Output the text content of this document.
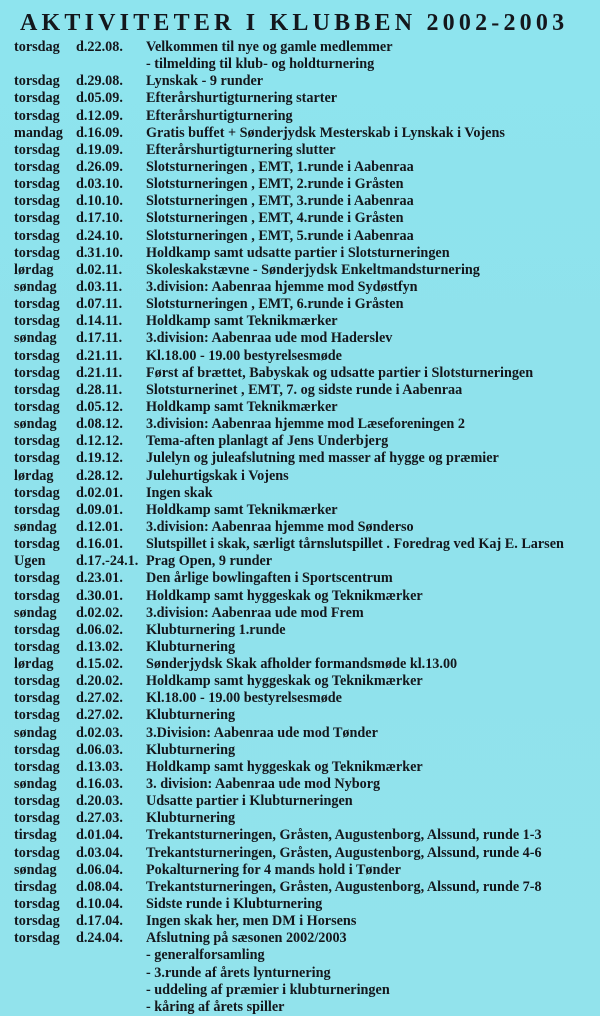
AKTIVITETER I KLUBBEN 2002-2003
torsdag d.22.08. Velkommen til nye og gamle medlemmer
- tilmelding til klub- og holdturnering
torsdag d.29.08. Lynskak - 9 runder
torsdag d.05.09. Efterårshurtigturnering starter
torsdag d.12.09. Efterårshurtigturnering
mandag d.16.09. Gratis buffet + Sønderjydsk Mesterskab i Lynskak i Vojens
torsdag d.19.09. Efterårshurtigturnering slutter
torsdag d.26.09. Slotsturneringen , EMT, 1.runde i Aabenraa
torsdag d.03.10. Slotsturneringen , EMT, 2.runde i Gråsten
torsdag d.10.10. Slotsturneringen , EMT, 3.runde i Aabenraa
torsdag d.17.10. Slotsturneringen , EMT, 4.runde i Gråsten
torsdag d.24.10. Slotsturneringen , EMT, 5.runde i Aabenraa
torsdag d.31.10. Holdkamp samt udsatte partier i Slotsturneringen
lørdag d.02.11. Skoleskakstævne - Sønderjydsk Enkeltmandsturnering
søndag d.03.11. 3.division: Aabenraa hjemme mod Sydøstfyn
torsdag d.07.11. Slotsturneringen , EMT, 6.runde i Gråsten
torsdag d.14.11. Holdkamp samt Teknikmærker
søndag d.17.11. 3.division: Aabenraa ude mod Haderslev
torsdag d.21.11. Kl.18.00 - 19.00 bestyrelsesmøde
torsdag d.21.11. Først af brættet, Babyskak og udsatte partier i Slotsturneringen
torsdag d.28.11. Slotsturnerinet , EMT, 7. og sidste runde i Aabenraa
torsdag d.05.12. Holdkamp samt Teknikmærker
søndag d.08.12. 3.division: Aabenraa hjemme mod Læseforeningen 2
torsdag d.12.12. Tema-aften planlagt af Jens Underbjerg
torsdag d.19.12. Julelyn og juleafslutning med masser af hygge og præmier
lørdag d.28.12. Julehurtigskak i Vojens
torsdag d.02.01. Ingen skak
torsdag d.09.01. Holdkamp samt Teknikmærker
søndag d.12.01. 3.division: Aabenraa hjemme mod Sønderso
torsdag d.16.01. Slutspillet i skak, særligt tårnslutspillet . Foredrag ved Kaj E. Larsen
Ugen d.17.-24.1. Prag Open, 9 runder
torsdag d.23.01. Den årlige bowlingaften i Sportscentrum
torsdag d.30.01. Holdkamp samt hyggeskak og Teknikmærker
søndag d.02.02. 3.division: Aabenraa ude mod Frem
torsdag d.06.02. Klubturnering 1.runde
torsdag d.13.02. Klubturnering
lørdag d.15.02. Sønderjydsk Skak afholder formandsmøde kl.13.00
torsdag d.20.02. Holdkamp samt hyggeskak og Teknikmærker
torsdag d.27.02. Kl.18.00 - 19.00 bestyrelsesmøde
torsdag d.27.02. Klubturnering
søndag d.02.03. 3.Division: Aabenraa ude mod Tønder
torsdag d.06.03. Klubturnering
torsdag d.13.03. Holdkamp samt hyggeskak og Teknikmærker
søndag d.16.03. 3. division: Aabenraa ude mod Nyborg
torsdag d.20.03. Udsatte partier i Klubturneringen
torsdag d.27.03. Klubturnering
tirsdag d.01.04. Trekantsturneringen, Gråsten, Augustenborg, Alssund, runde 1-3
torsdag d.03.04. Trekantsturneringen, Gråsten, Augustenborg, Alssund, runde 4-6
søndag d.06.04. Pokalturnering for 4 mands hold i Tønder
tirsdag d.08.04. Trekantsturneringen, Gråsten, Augustenborg, Alssund, runde 7-8
torsdag d.10.04. Sidste runde i Klubturnering
torsdag d.17.04. Ingen skak her, men DM i Horsens
torsdag d.24.04. Afslutning på sæsonen 2002/2003
- generalforsamling
- 3.runde af årets lynturnering
- uddeling af præmier i klubturneringen
- kåring af årets spiller
